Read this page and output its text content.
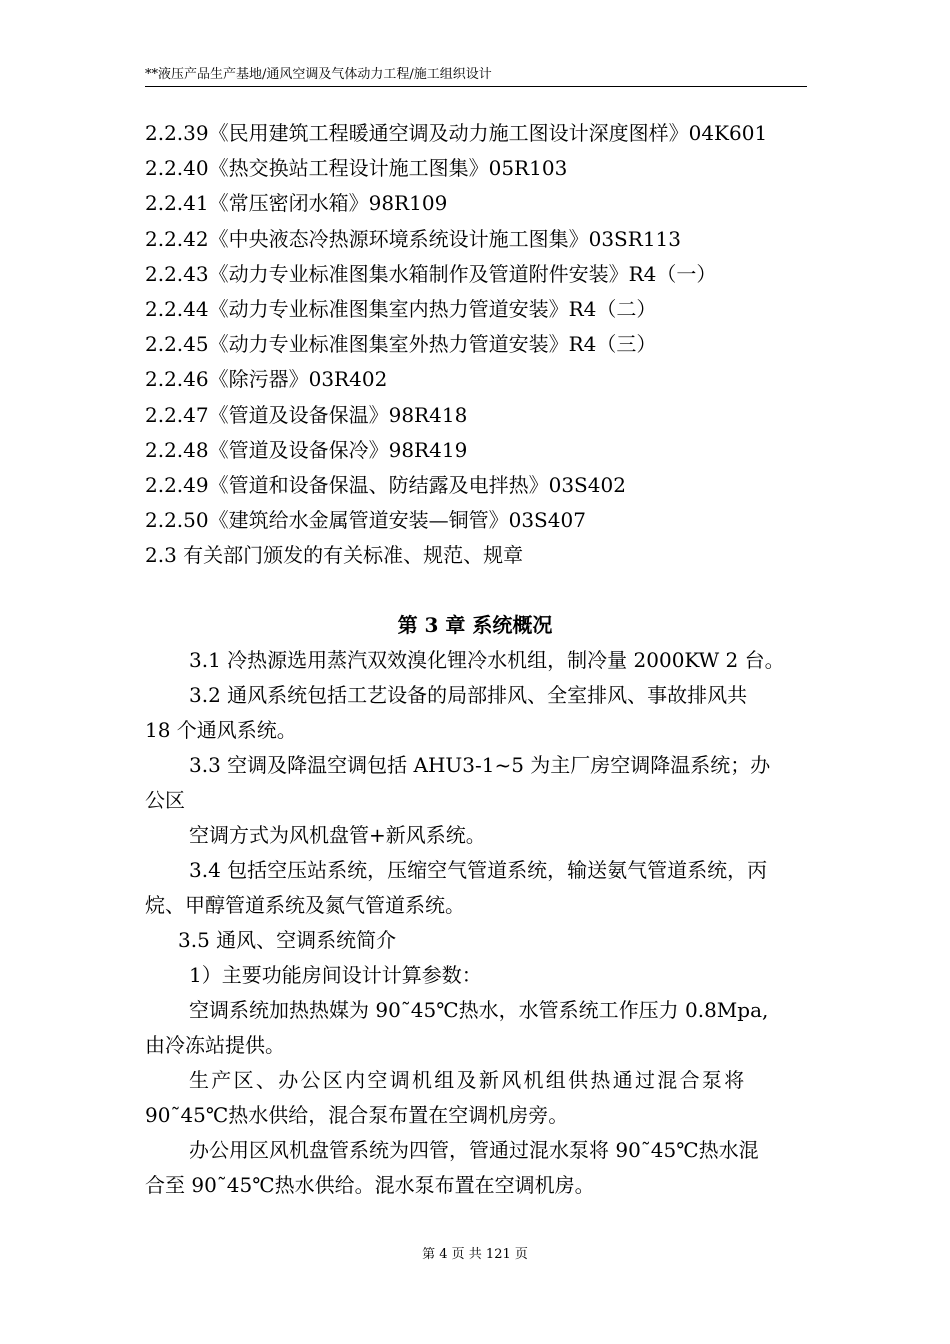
**液压产品生产基地/通风空调及气体动力工程/施工组织设计
2.2.39《民用建筑工程暖通空调及动力施工图设计深度图样》04K601
2.2.40《热交换站工程设计施工图集》05R103
2.2.41《常压密闭水箱》98R109
2.2.42《中央液态冷热源环境系统设计施工图集》03SR113
2.2.43《动力专业标准图集水箱制作及管道附件安装》R4（一）
2.2.44《动力专业标准图集室内热力管道安装》R4（二）
2.2.45《动力专业标准图集室外热力管道安装》R4（三）
2.2.46《除污器》03R402
2.2.47《管道及设备保温》98R418
2.2.48《管道及设备保冷》98R419
2.2.49《管道和设备保温、防结露及电拌热》03S402
2.2.50《建筑给水金属管道安装—铜管》03S407
2.3 有关部门颁发的有关标准、规范、规章
第 3 章 系统概况

3.1 冷热源选用蒸汽双效溴化锂冷水机组，制冷量 2000KW 2 台。

3.2 通风系统包括工艺设备的局部排风、全室排风、事故排风共
18 个通风系统。

3.3 空调及降温空调包括 AHU3-1~5 为主厂房空调降温系统；办
公区

空调方式为风机盘管+新风系统。

3.4 包括空压站系统，压缩空气管道系统，输送氨气管道系统，丙
烷、甲醇管道系统及氮气管道系统。

3.5 通风、空调系统简介

1）主要功能房间设计计算参数：

空调系统加热热媒为 90˜45℃热水，水管系统工作压力 0.8Mpa,
由冷冻站提供。

生产区、办公区内空调机组及新风机组供热通过混合泵将
90˜45℃热水供给，混合泵布置在空调机房旁。

办公用区风机盘管系统为四管，管通过混水泵将 90˜45℃热水混
合至 90˜45℃热水供给。混水泵布置在空调机房。

第 4 页 共 121 页
